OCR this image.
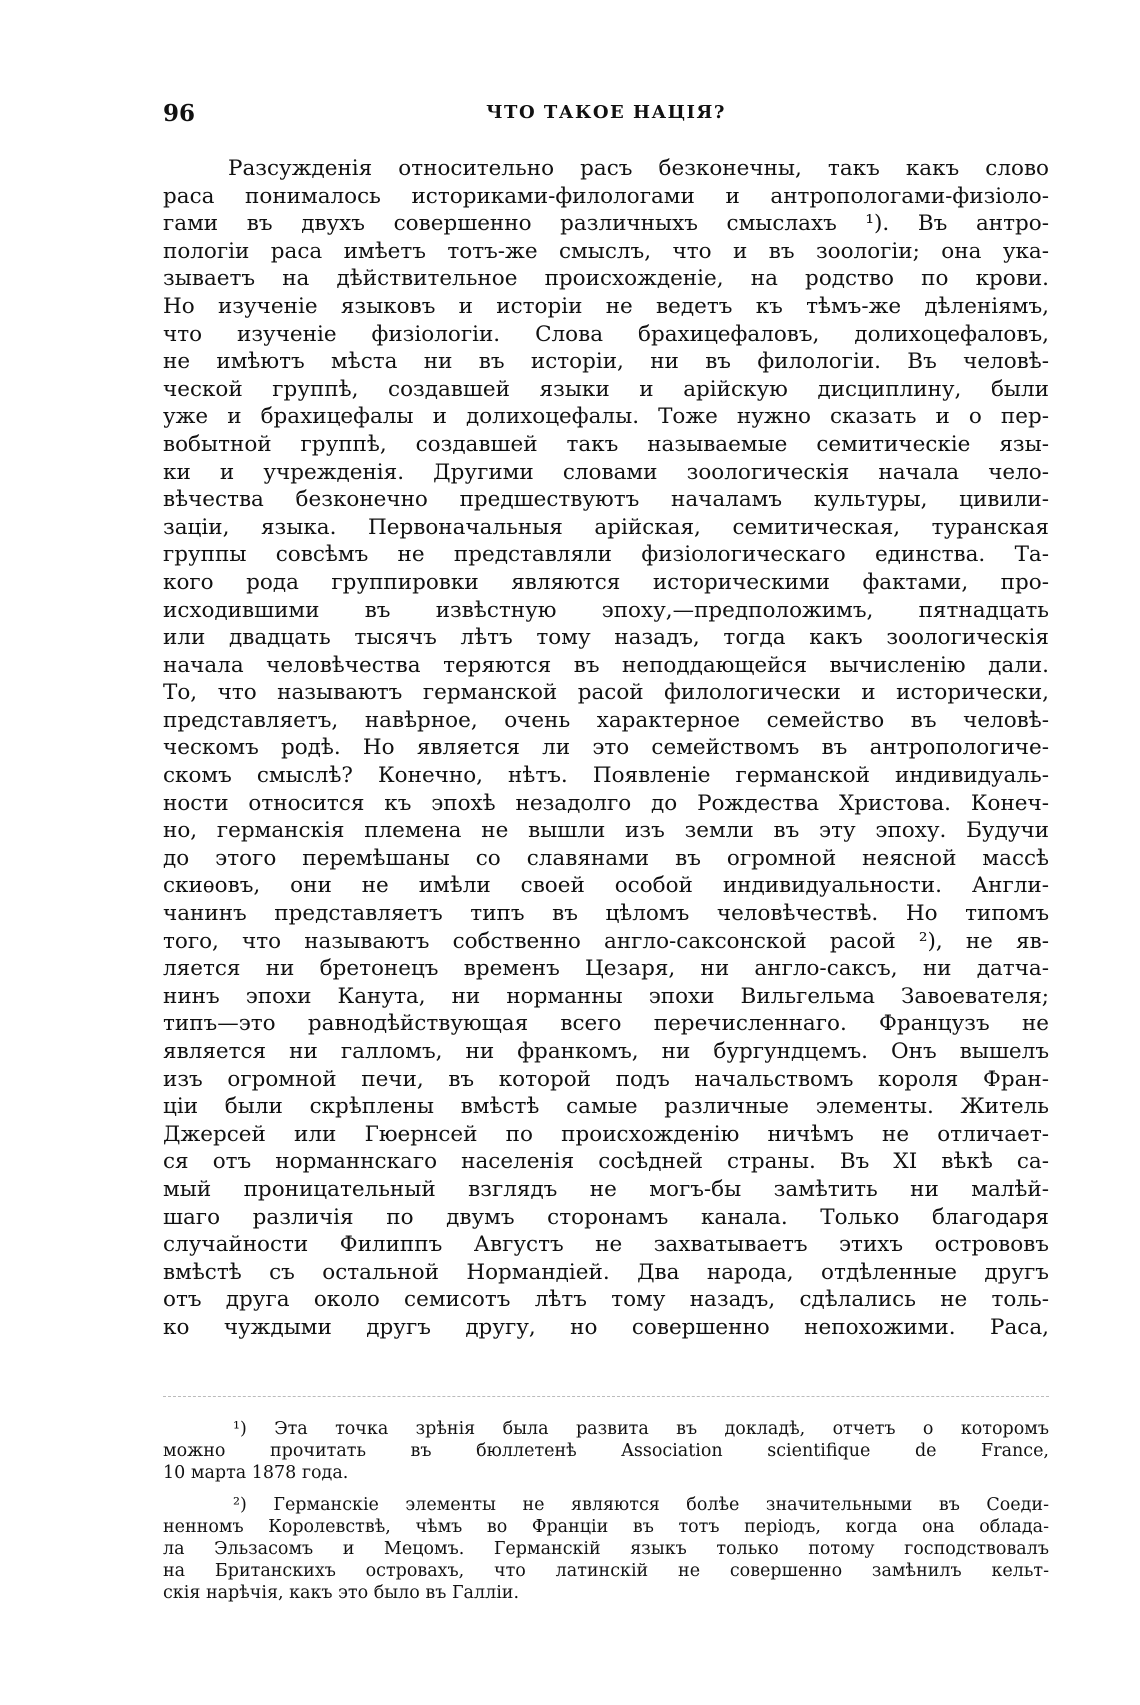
96	ЧТО ТАКОЕ НАЦІЯ?
Разсужденія относительно расъ безконечны, такъ какъ слово
раса понималось историками-филологами и антропологами-физіоло-
гами въ двухъ совершенно различныхъ смыслахъ ¹). Въ антро-
пологіи раса имѣетъ тотъ-же смыслъ, что и въ зоологіи; она ука-
зываетъ на дѣйствительное происхожденіе, на родство по крови.
Но изученіе языковъ и исторіи не ведетъ къ тѣмъ-же дѣленіямъ,
что изученіе физіологіи. Слова брахицефаловъ, долихоцефаловъ,
не имѣютъ мѣста ни въ исторіи, ни въ филологіи. Въ человѣ-
ческой группѣ, создавшей языки и арійскую дисциплину, были
уже и брахицефалы и долихоцефалы. Тоже нужно сказать и о пер-
вобытной группѣ, создавшей такъ называемые семитическіе язы-
ки и учрежденія. Другими словами зоологическія начала чело-
вѣчества безконечно предшествуютъ началамъ культуры, цивили-
заціи, языка. Первоначальныя арійская, семитическая, туранская
группы совсѣмъ не представляли физіологическаго единства. Та-
кого рода группировки являются историческими фактами, про-
исходившими въ извѣстную эпоху,—предположимъ, пятнадцать
или двадцать тысячъ лѣтъ тому назадъ, тогда какъ зоологическія
начала человѣчества теряются въ неподдающейся вычисленію дали.
То, что называютъ германской расой филологически и исторически,
представляетъ, навѣрное, очень характерное семейство въ человѣ-
ческомъ родѣ. Но является ли это семействомъ въ антропологиче-
скомъ смыслѣ? Конечно, нѣтъ. Появленіе германской индивидуаль-
ности относится къ эпохѣ незадолго до Рождества Христова. Конеч-
но, германскія племена не вышли изъ земли въ эту эпоху. Будучи
до этого перемѣшаны со славянами въ огромной неясной массѣ
скиѳовъ, они не имѣли своей особой индивидуальности. Англи-
чанинъ представляетъ типъ въ цѣломъ человѣчествѣ. Но типомъ
того, что называютъ собственно англо-саксонской расой ²), не яв-
ляется ни бретонецъ временъ Цезаря, ни англо-саксъ, ни датча-
нинъ эпохи Канута, ни норманны эпохи Вильгельма Завоевателя;
типъ—это равнодѣйствующая всего перечисленнаго. Французъ не
является ни галломъ, ни франкомъ, ни бургундцемъ. Онъ вышелъ
изъ огромной печи, въ которой подъ начальствомъ короля Фран-
ціи были скрѣплены вмѣстѣ самые различные элементы. Житель
Джерсей или Гюернсей по происхожденію ничѣмъ не отличает-
ся отъ норманнскаго населенія сосѣдней страны. Въ XI вѣкѣ са-
мый проницательный взглядъ не могъ-бы замѣтить ни малѣй-
шаго различія по двумъ сторонамъ канала. Только благодаря
случайности Филиппъ Августъ не захватываетъ этихъ острововъ
вмѣстѣ съ остальной Нормандіей. Два народа, отдѣленные другъ
отъ друга около семисотъ лѣтъ тому назадъ, сдѣлались не толь-
ко чуждыми другъ другу, но совершенно непохожими. Раса,
¹) Эта точка зрѣнія была развита въ докладѣ, отчетъ о которомъ
можно прочитать въ бюллетенѣ Association scientifique de France,
10 марта 1878 года.
²) Германскіе элементы не являются болѣе значительными въ Соеди-
ненномъ Королевствѣ, чѣмъ во Франціи въ тотъ періодъ, когда она облада-
ла Эльзасомъ и Мецомъ. Германскій языкъ только потому господствовалъ
на Британскихъ островахъ, что латинскій не совершенно замѣнилъ кельт-
скія нарѣчія, какъ это было въ Галліи.
